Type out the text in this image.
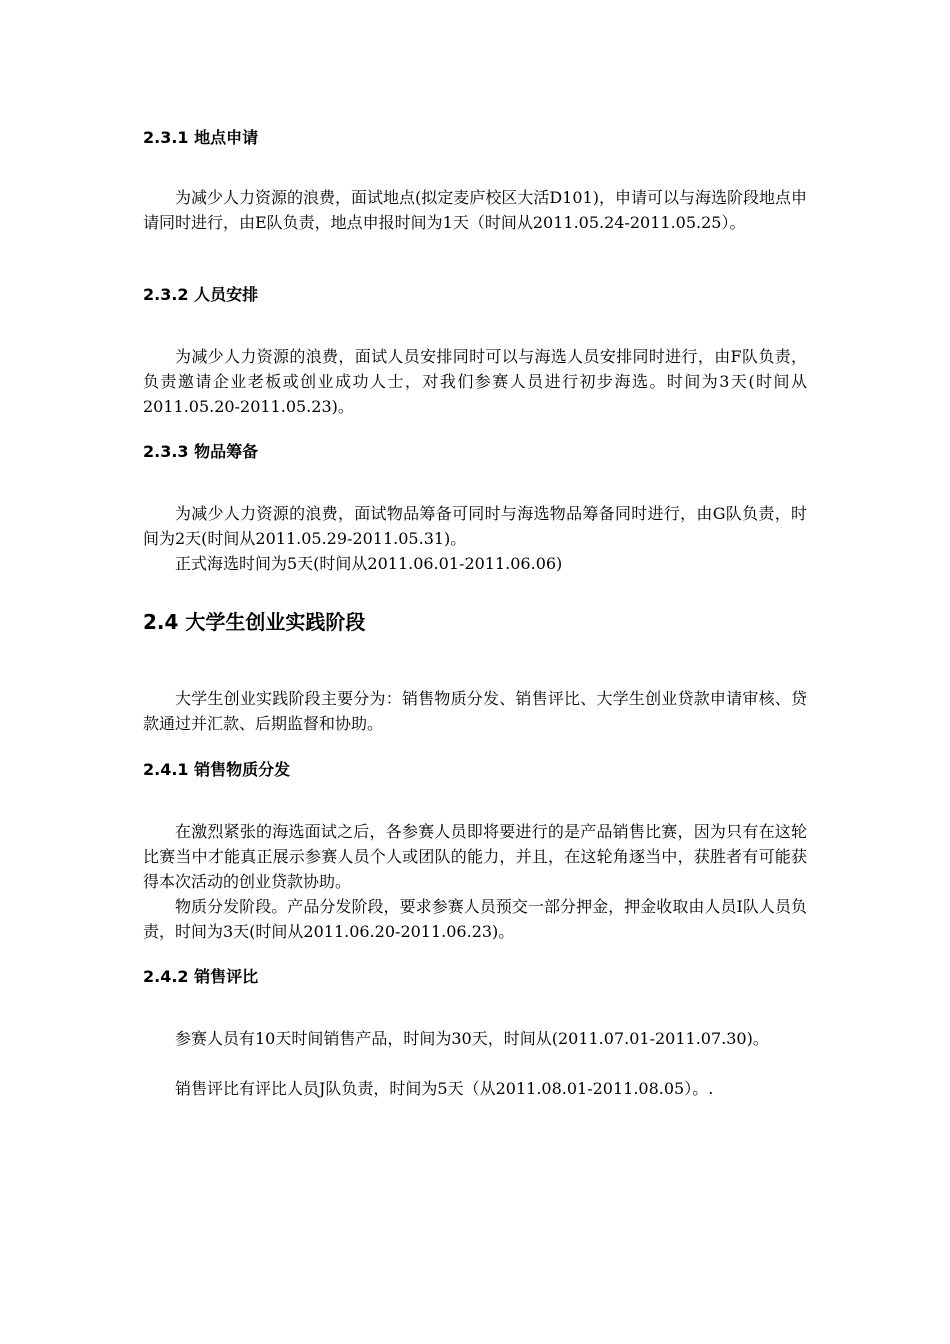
2.3.1 地点申请

为减少人力资源的浪费，面试地点(拟定麦庐校区大活D101)，申请可以与海选阶段地点申请同时进行，由E队负责，地点申报时间为1天（时间从2011.05.24-2011.05.25）。

2.3.2 人员安排

为减少人力资源的浪费，面试人员安排同时可以与海选人员安排同时进行，由F队负责，负责邀请企业老板或创业成功人士，对我们参赛人员进行初步海选。时间为3天(时间从2011.05.20-2011.05.23)。

2.3.3 物品筹备

为减少人力资源的浪费，面试物品筹备可同时与海选物品筹备同时进行，由G队负责，时间为2天(时间从2011.05.29-2011.05.31)。

正式海选时间为5天(时间从2011.06.01-2011.06.06)

2.4 大学生创业实践阶段

大学生创业实践阶段主要分为：销售物质分发、销售评比、大学生创业贷款申请审核、贷款通过并汇款、后期监督和协助。

2.4.1 销售物质分发

在激烈紧张的海选面试之后，各参赛人员即将要进行的是产品销售比赛，因为只有在这轮比赛当中才能真正展示参赛人员个人或团队的能力，并且，在这轮角逐当中，获胜者有可能获得本次活动的创业贷款协助。

物质分发阶段。产品分发阶段，要求参赛人员预交一部分押金，押金收取由人员I队人员负责，时间为3天(时间从2011.06.20-2011.06.23)。

2.4.2 销售评比

参赛人员有10天时间销售产品，时间为30天，时间从(2011.07.01-2011.07.30)。

销售评比有评比人员J队负责，时间为5天（从2011.08.01-2011.08.05）。.
